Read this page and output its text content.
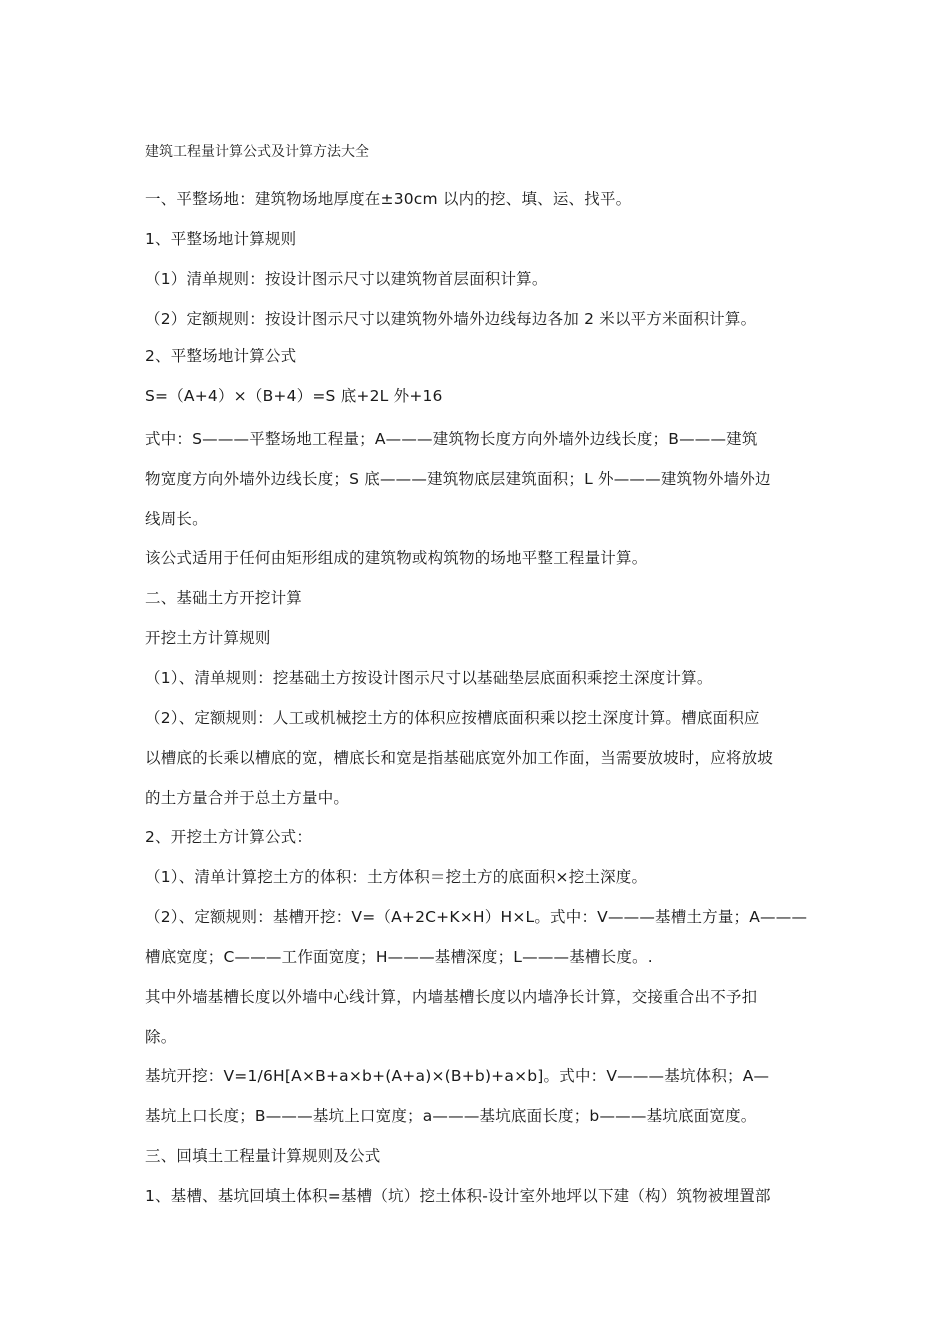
建筑工程量计算公式及计算方法大全
一、平整场地：建筑物场地厚度在±30cm 以内的挖、填、运、找平。
1、平整场地计算规则
（1）清单规则：按设计图示尺寸以建筑物首层面积计算。
（2）定额规则：按设计图示尺寸以建筑物外墙外边线每边各加 2 米以平方米面积计算。
2、平整场地计算公式
S=（A+4）×（B+4）=S 底+2L 外+16
式中：S———平整场地工程量；A———建筑物长度方向外墙外边线长度；B———建筑
物宽度方向外墙外边线长度；S 底———建筑物底层建筑面积；L 外———建筑物外墙外边
线周长。
该公式适用于任何由矩形组成的建筑物或构筑物的场地平整工程量计算。
二、基础土方开挖计算
开挖土方计算规则
（1）、清单规则：挖基础土方按设计图示尺寸以基础垫层底面积乘挖土深度计算。
（2）、定额规则：人工或机械挖土方的体积应按槽底面积乘以挖土深度计算。槽底面积应
以槽底的长乘以槽底的宽，槽底长和宽是指基础底宽外加工作面，当需要放坡时，应将放坡
的土方量合并于总土方量中。
2、开挖土方计算公式：
（1）、清单计算挖土方的体积：土方体积＝挖土方的底面积×挖土深度。
（2）、定额规则：基槽开挖：V=（A+2C+K×H）H×L。式中：V———基槽土方量；A———
槽底宽度；C———工作面宽度；H———基槽深度；L———基槽长度。.
其中外墙基槽长度以外墙中心线计算，内墙基槽长度以内墙净长计算，交接重合出不予扣
除。
基坑开挖：V=1/6H[A×B+a×b+(A+a)×(B+b)+a×b]。式中：V———基坑体积；A—
基坑上口长度；B———基坑上口宽度；a———基坑底面长度；b———基坑底面宽度。
三、回填土工程量计算规则及公式
1、基槽、基坑回填土体积=基槽（坑）挖土体积-设计室外地坪以下建（构）筑物被埋置部
